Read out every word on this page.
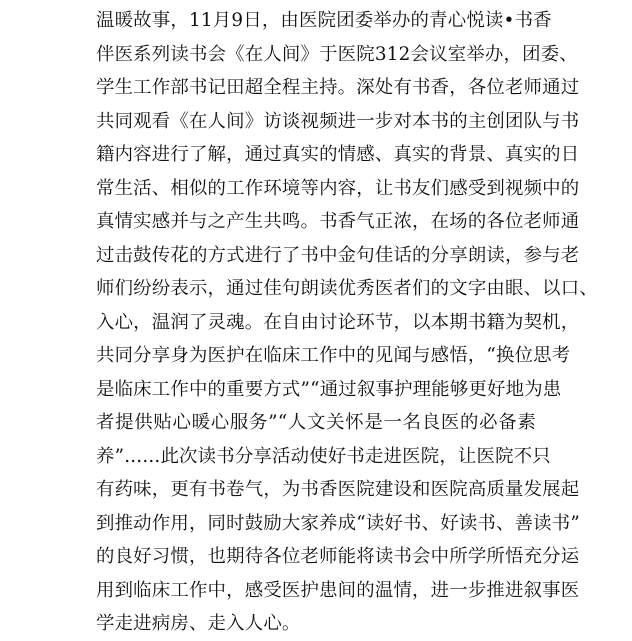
温暖故事，11月9日，由医院团委举办的青心悦读•书香
伴医系列读书会《在人间》于医院312会议室举办，团委、
学生工作部书记田超全程主持。深处有书香，各位老师通过
共同观看《在人间》访谈视频进一步对本书的主创团队与书
籍内容进行了解，通过真实的情感、真实的背景、真实的日
常生活、相似的工作环境等内容，让书友们感受到视频中的
真情实感并与之产生共鸣。书香气正浓，在场的各位老师通
过击鼓传花的方式进行了书中金句佳话的分享朗读，参与老
师们纷纷表示，通过佳句朗读优秀医者们的文字由眼、以口、
入心，温润了灵魂。在自由讨论环节，以本期书籍为契机，
共同分享身为医护在临床工作中的见闻与感悟，“换位思考
是临床工作中的重要方式”“通过叙事护理能够更好地为患
者提供贴心暖心服务”“人文关怀是一名良医的必备素
养”......此次读书分享活动使好书走进医院，让医院不只
有药味，更有书卷气，为书香医院建设和医院高质量发展起
到推动作用，同时鼓励大家养成“读好书、好读书、善读书”
的良好习惯，也期待各位老师能将读书会中所学所悟充分运
用到临床工作中，感受医护患间的温情，进一步推进叙事医
学走进病房、走入人心。
